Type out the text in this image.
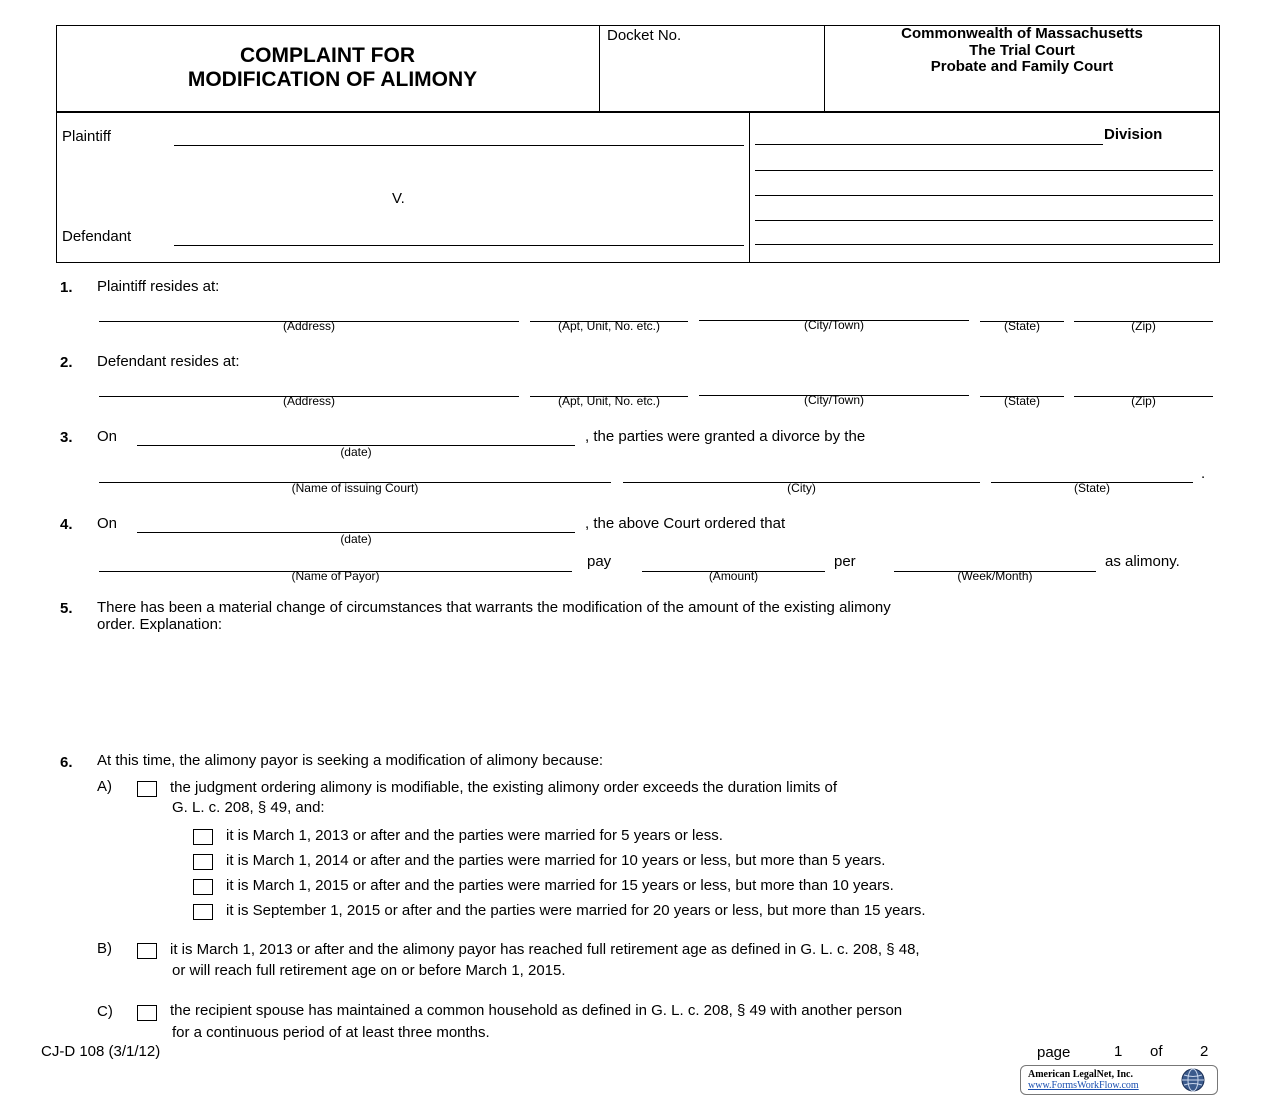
COMPLAINT FOR
MODIFICATION OF ALIMONY
Docket No.	Commonwealth of Massachusetts
The Trial Court
Probate and Family Court
Plaintiff
V.
Defendant
Division
1. Plaintiff resides at:
(Address)	(Apt, Unit, No. etc.)	(City/Town)	(State)	(Zip)
2. Defendant resides at:
(Address)	(Apt, Unit, No. etc.)	(City/Town)	(State)	(Zip)
3. On
(date)
, the parties were granted a divorce by the
(Name of issuing Court)	(City)	(State)
.
4. On
(date)
, the above Court ordered that
(Name of Payor)
pay
(Amount)
per
(Week/Month)
as alimony.
5. There has been a material change of circumstances that warrants the modification of the amount of the existing alimony
order. Explanation:
6. At this time, the alimony payor is seeking a modification of alimony because:
A)	the judgment ordering alimony is modifiable, the existing alimony order exceeds the duration limits of
G. L. c. 208, § 49, and:
it is March 1, 2013 or after and the parties were married for 5 years or less.
it is March 1, 2014 or after and the parties were married for 10 years or less, but more than 5 years.
it is March 1, 2015 or after and the parties were married for 15 years or less, but more than 10 years.
it is September 1, 2015 or after and the parties were married for 20 years or less, but more than 15 years.
B)	it is March 1, 2013 or after and the alimony payor has reached full retirement age as defined in G. L. c. 208, § 48,
or will reach full retirement age on or before March 1, 2015.
C)	the recipient spouse has maintained a common household as defined in G. L. c. 208, § 49 with another person
for a continuous period of at least three months.
CJ-D 108 (3/1/12)	page	1 of 2
American LegalNet, Inc.
www.FormsWorkFlow.com
